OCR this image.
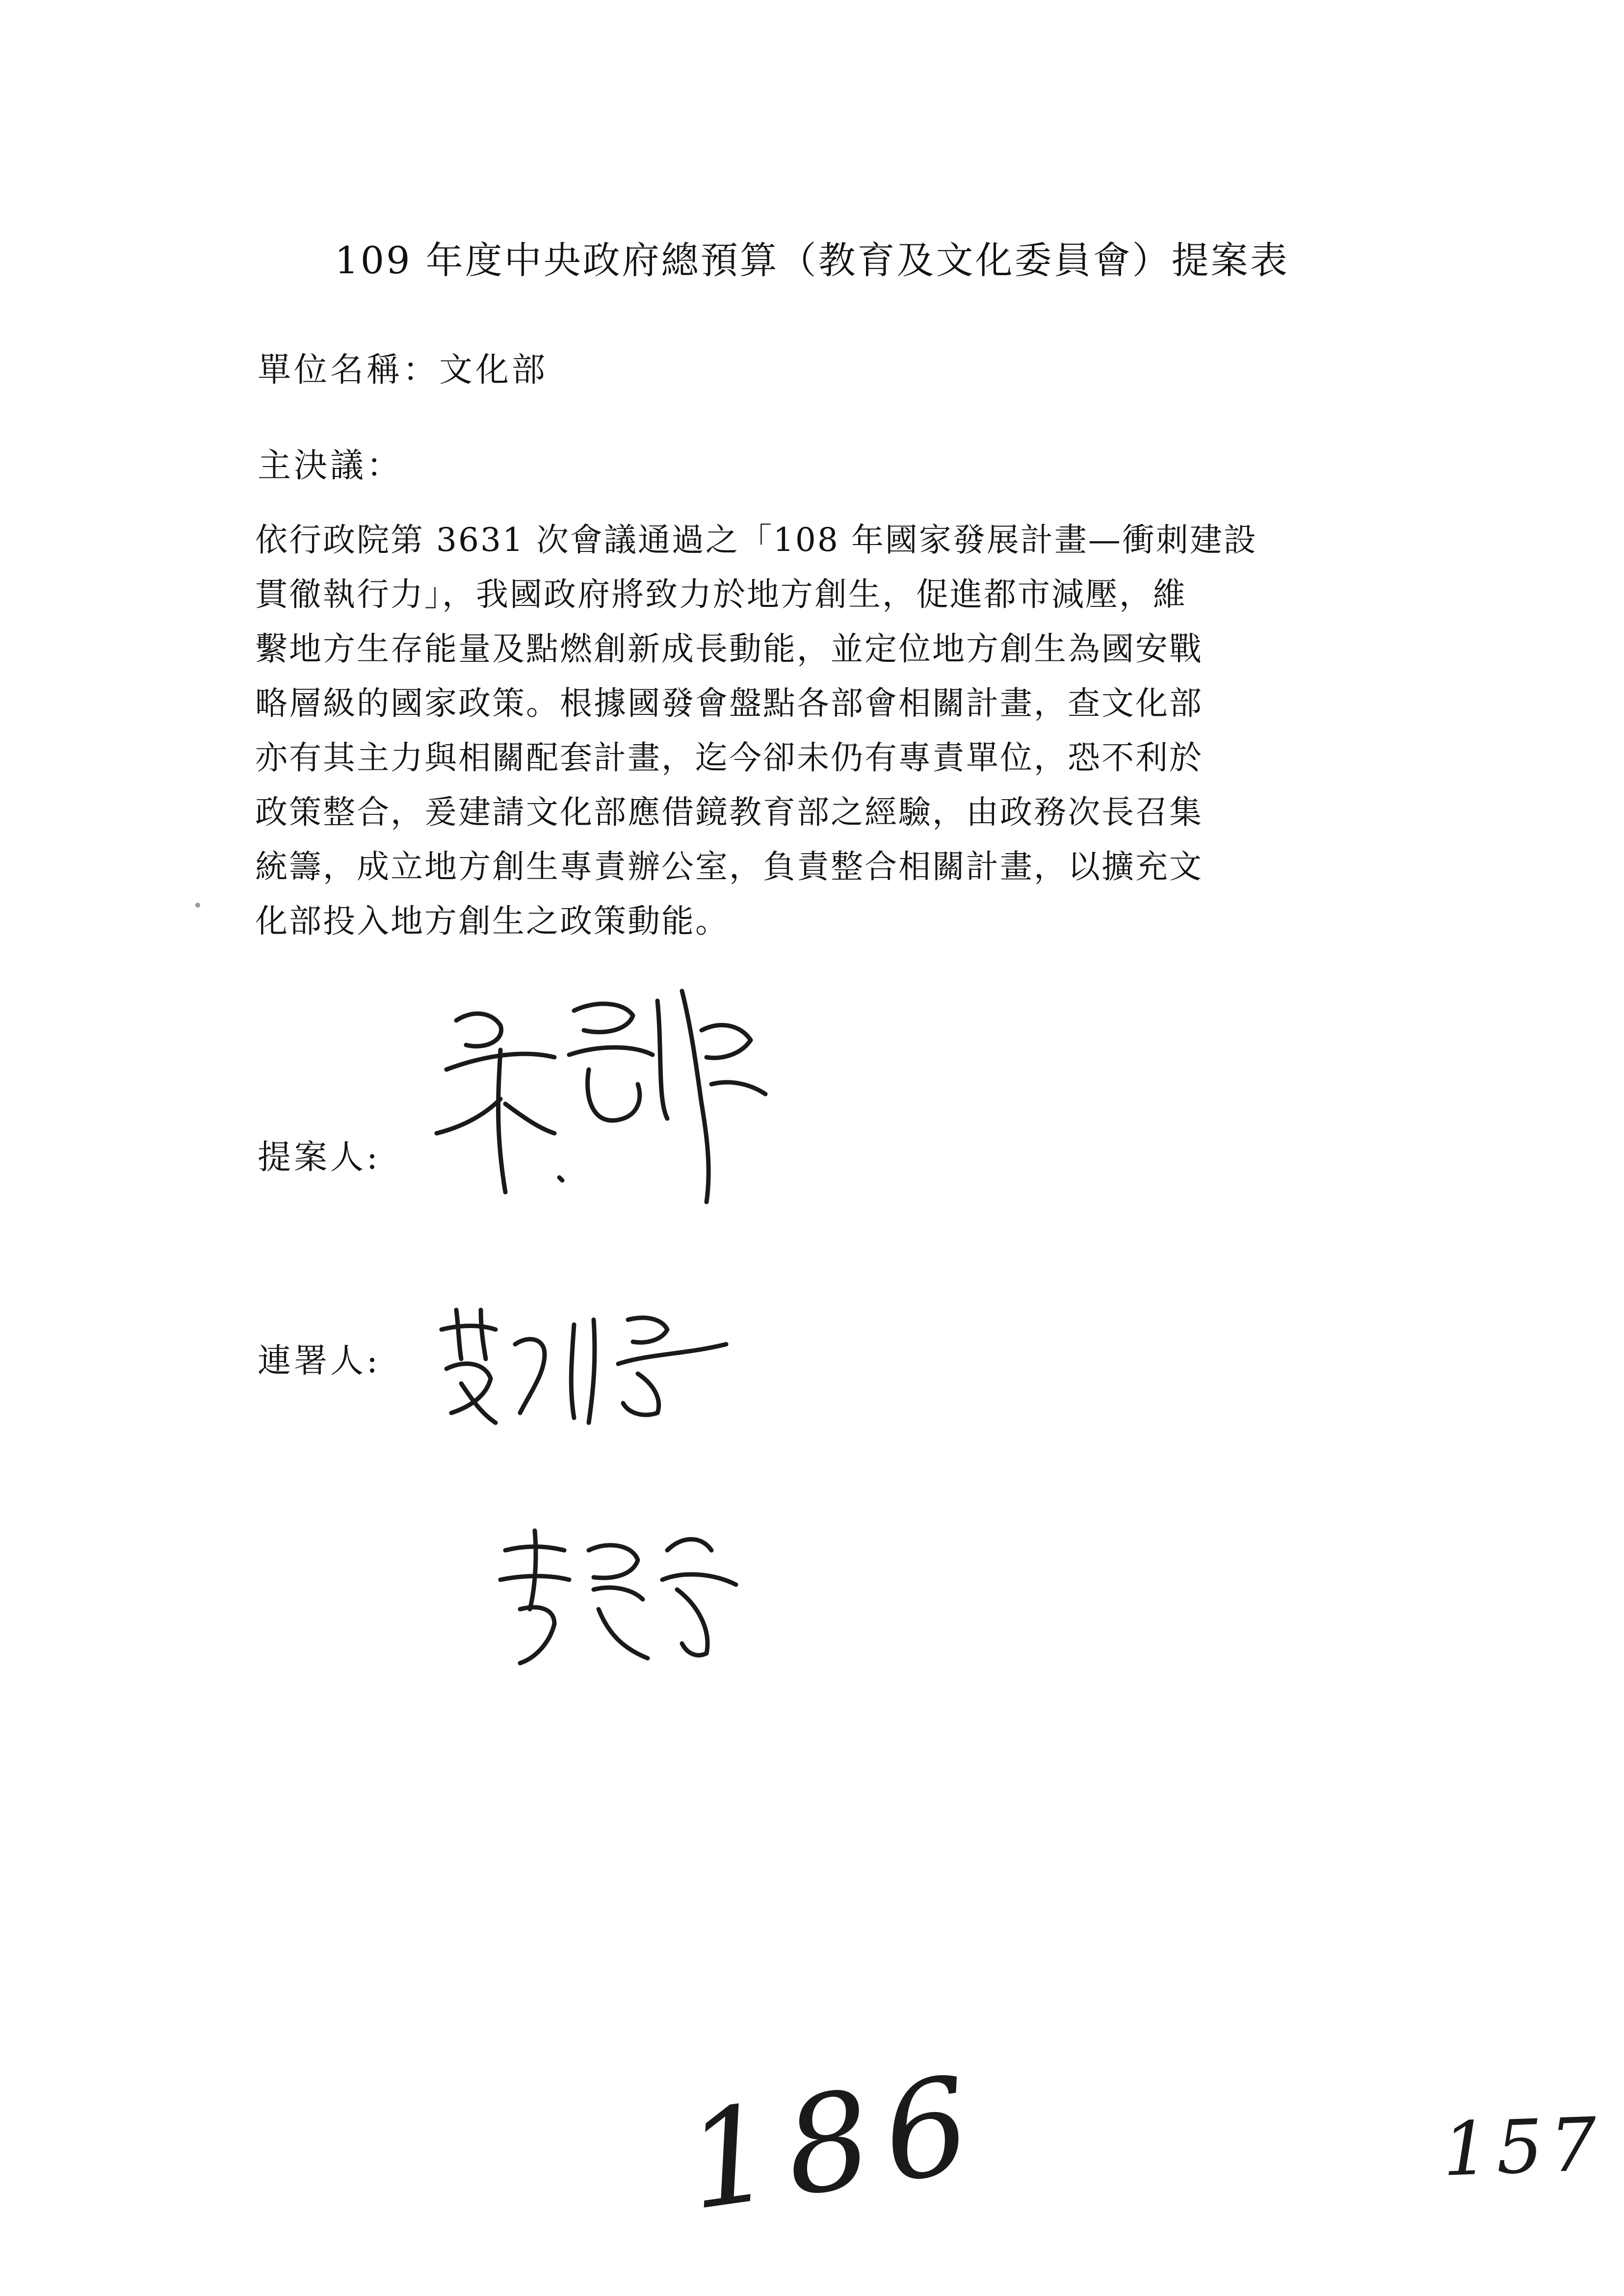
109 年度中央政府總預算（教育及文化委員會）提案表
單位名稱：文化部
主決議：
依行政院第 3631 次會議通過之「108 年國家發展計畫—衝刺建設
貫徹執行力」，我國政府將致力於地方創生，促進都市減壓，維
繫地方生存能量及點燃創新成長動能，並定位地方創生為國安戰
略層級的國家政策。根據國發會盤點各部會相關計畫，查文化部
亦有其主力與相關配套計畫，迄今卻未仍有專責單位，恐不利於
政策整合，爰建請文化部應借鏡教育部之經驗，由政務次長召集
統籌，成立地方創生專責辦公室，負責整合相關計畫，以擴充文
化部投入地方創生之政策動能。
提案人:
連署人:
186	157
